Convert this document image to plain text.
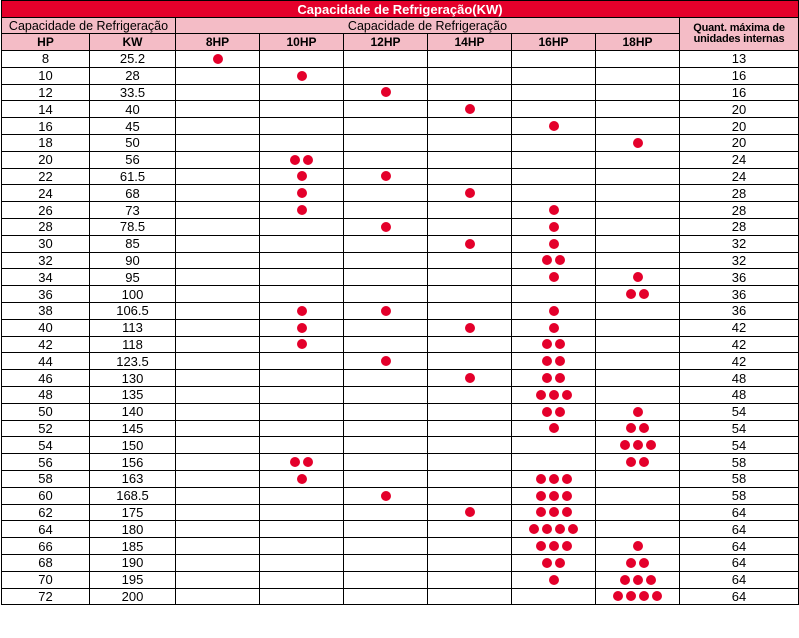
Capacidade de Refrigeração(KW)								
Capacidade de Refrigeração		Capacidade de Refrigeração						Quant. máxima de unidades internas
HP	KW	8HP	10HP	12HP	14HP	16HP	18HP	
8	25.2							13
10	28							16
12	33.5							16
14	40							20
16	45							20
18	50							20
20	56							24
22	61.5							24
24	68							28
26	73							28
28	78.5							28
30	85							32
32	90							32
34	95							36
36	100							36
38	106.5							36
40	113							42
42	118							42
44	123.5							42
46	130							48
48	135							48
50	140							54
52	145							54
54	150							54
56	156							58
58	163							58
60	168.5							58
62	175							64
64	180							64
66	185							64
68	190							64
70	195							64
72	200							64
